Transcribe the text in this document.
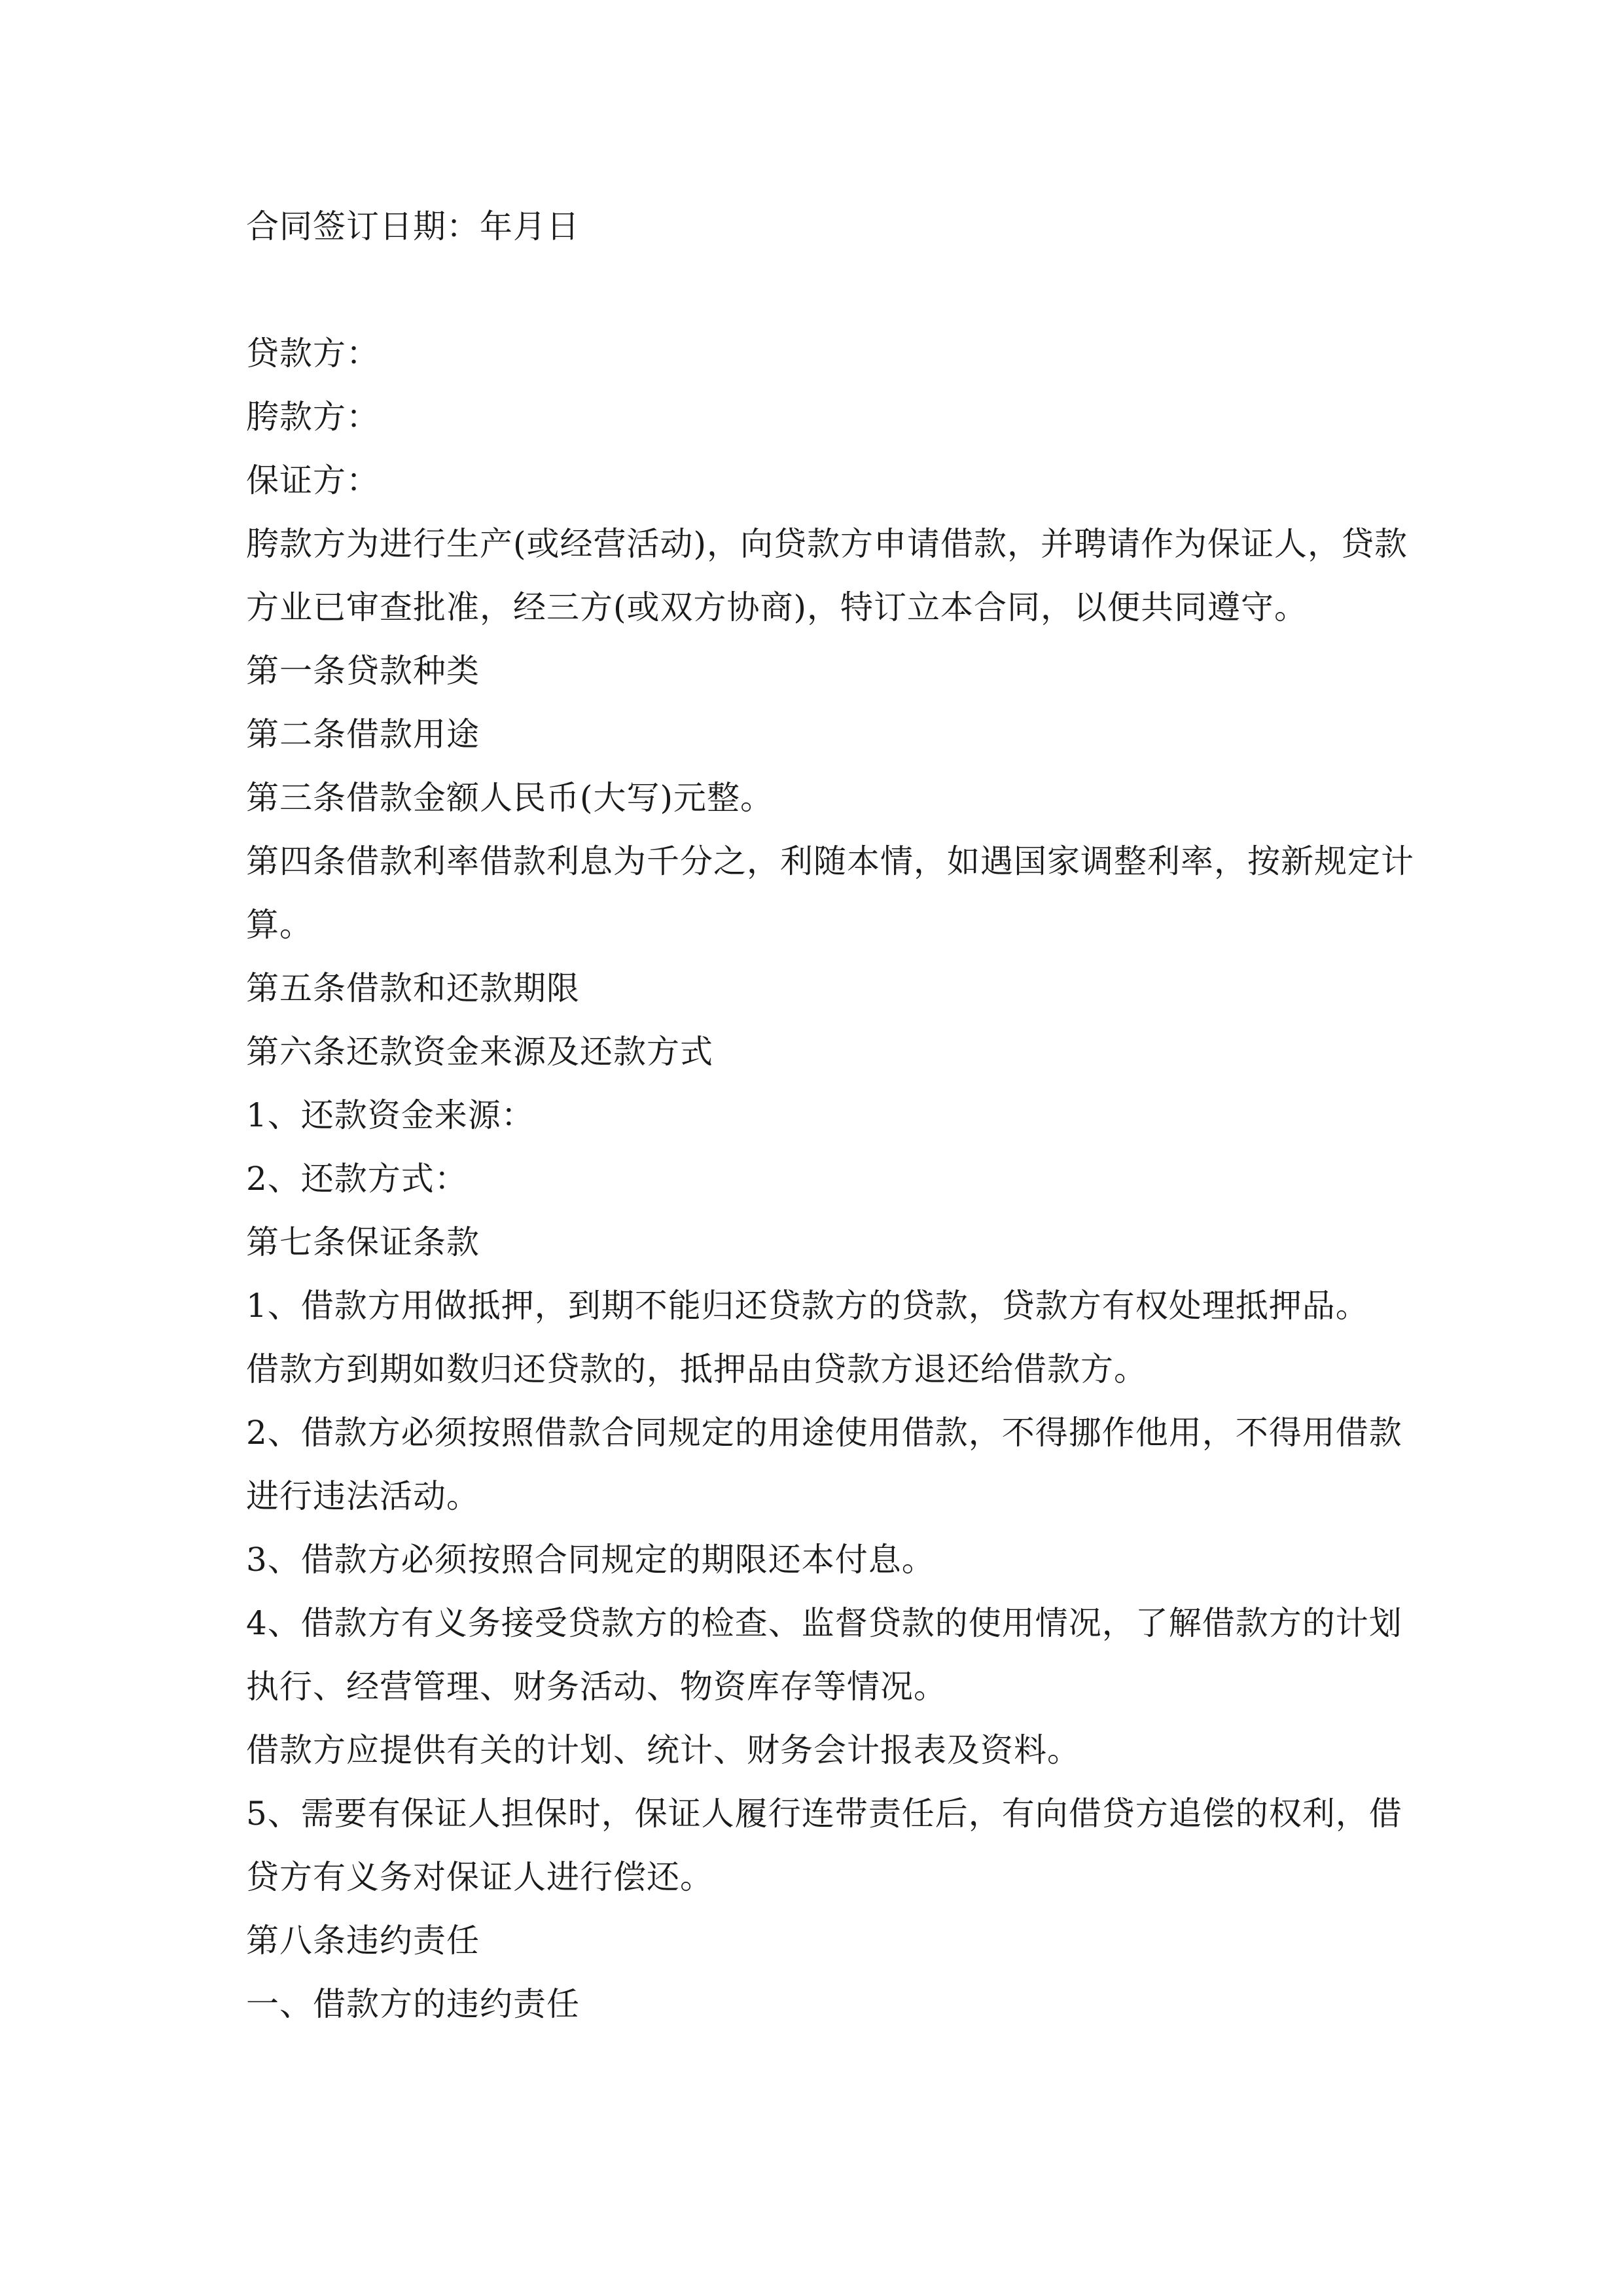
合同签订日期：年月日
贷款方：
胯款方：
保证方：
胯款方为进行生产(或经营活动)，向贷款方申请借款，并聘请作为保证人，贷款
方业已审查批准，经三方(或双方协商)，特订立本合同，以便共同遵守。
第一条贷款种类
第二条借款用途
第三条借款金额人民币(大写)元整。
第四条借款利率借款利息为千分之，利随本情，如遇国家调整利率，按新规定计
算。
第五条借款和还款期限
第六条还款资金来源及还款方式
1、还款资金来源：
2、还款方式：
第七条保证条款
1、借款方用做抵押，到期不能归还贷款方的贷款，贷款方有权处理抵押品。
借款方到期如数归还贷款的，抵押品由贷款方退还给借款方。
2、借款方必须按照借款合同规定的用途使用借款，不得挪作他用，不得用借款
进行违法活动。
3、借款方必须按照合同规定的期限还本付息。
4、借款方有义务接受贷款方的检查、监督贷款的使用情况，了解借款方的计划
执行、经营管理、财务活动、物资库存等情况。
借款方应提供有关的计划、统计、财务会计报表及资料。
5、需要有保证人担保时，保证人履行连带责任后，有向借贷方追偿的权利，借
贷方有义务对保证人进行偿还。
第八条违约责任
一、借款方的违约责任
